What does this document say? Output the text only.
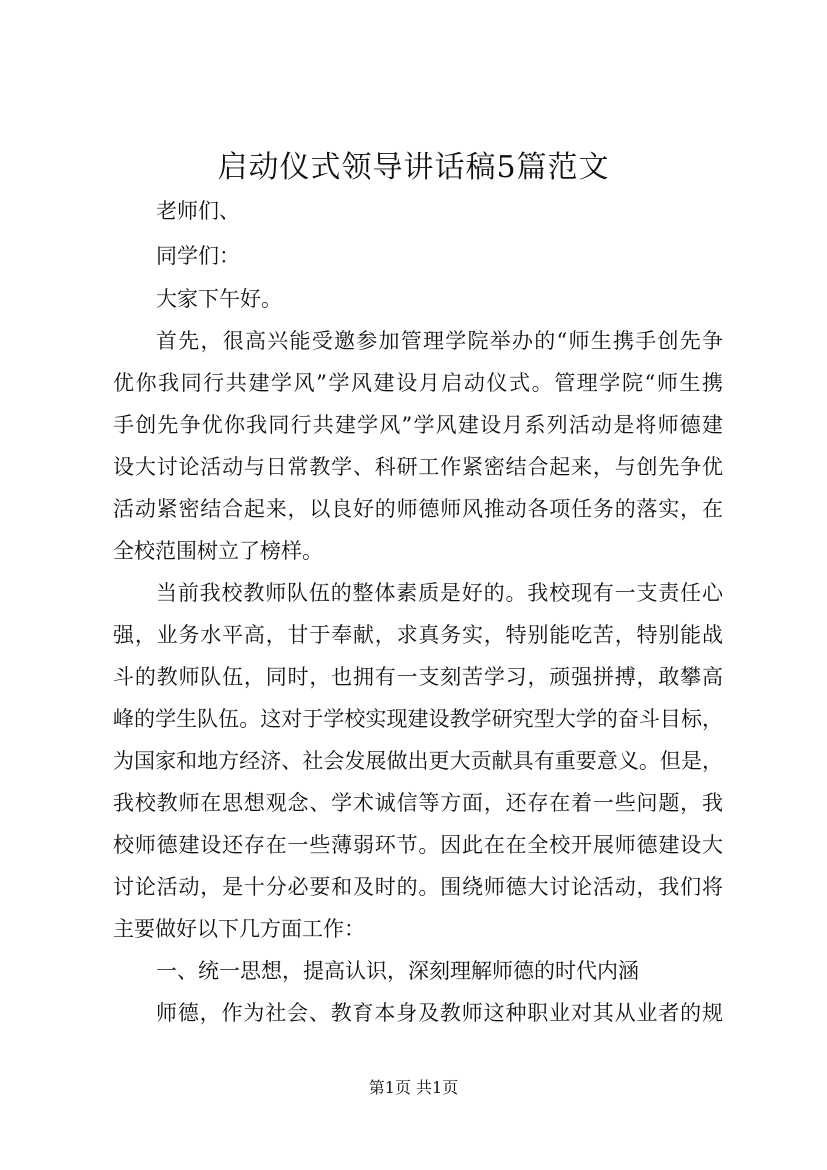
启动仪式领导讲话稿5篇范文
老师们、
同学们：
大家下午好。
首先，很高兴能受邀参加管理学院举办的“师生携手创先争
优你我同行共建学风”学风建设月启动仪式。管理学院“师生携
手创先争优你我同行共建学风”学风建设月系列活动是将师德建
设大讨论活动与日常教学、科研工作紧密结合起来，与创先争优
活动紧密结合起来，以良好的师德师风推动各项任务的落实，在
全校范围树立了榜样。
当前我校教师队伍的整体素质是好的。我校现有一支责任心
强，业务水平高，甘于奉献，求真务实，特别能吃苦，特别能战
斗的教师队伍，同时，也拥有一支刻苦学习，顽强拼搏，敢攀高
峰的学生队伍。这对于学校实现建设教学研究型大学的奋斗目标，
为国家和地方经济、社会发展做出更大贡献具有重要意义。但是，
我校教师在思想观念、学术诚信等方面，还存在着一些问题，我
校师德建设还存在一些薄弱环节。因此在在全校开展师德建设大
讨论活动，是十分必要和及时的。围绕师德大讨论活动，我们将
主要做好以下几方面工作：
一、统一思想，提高认识，深刻理解师德的时代内涵
师德，作为社会、教育本身及教师这种职业对其从业者的规
第1页 共1页
